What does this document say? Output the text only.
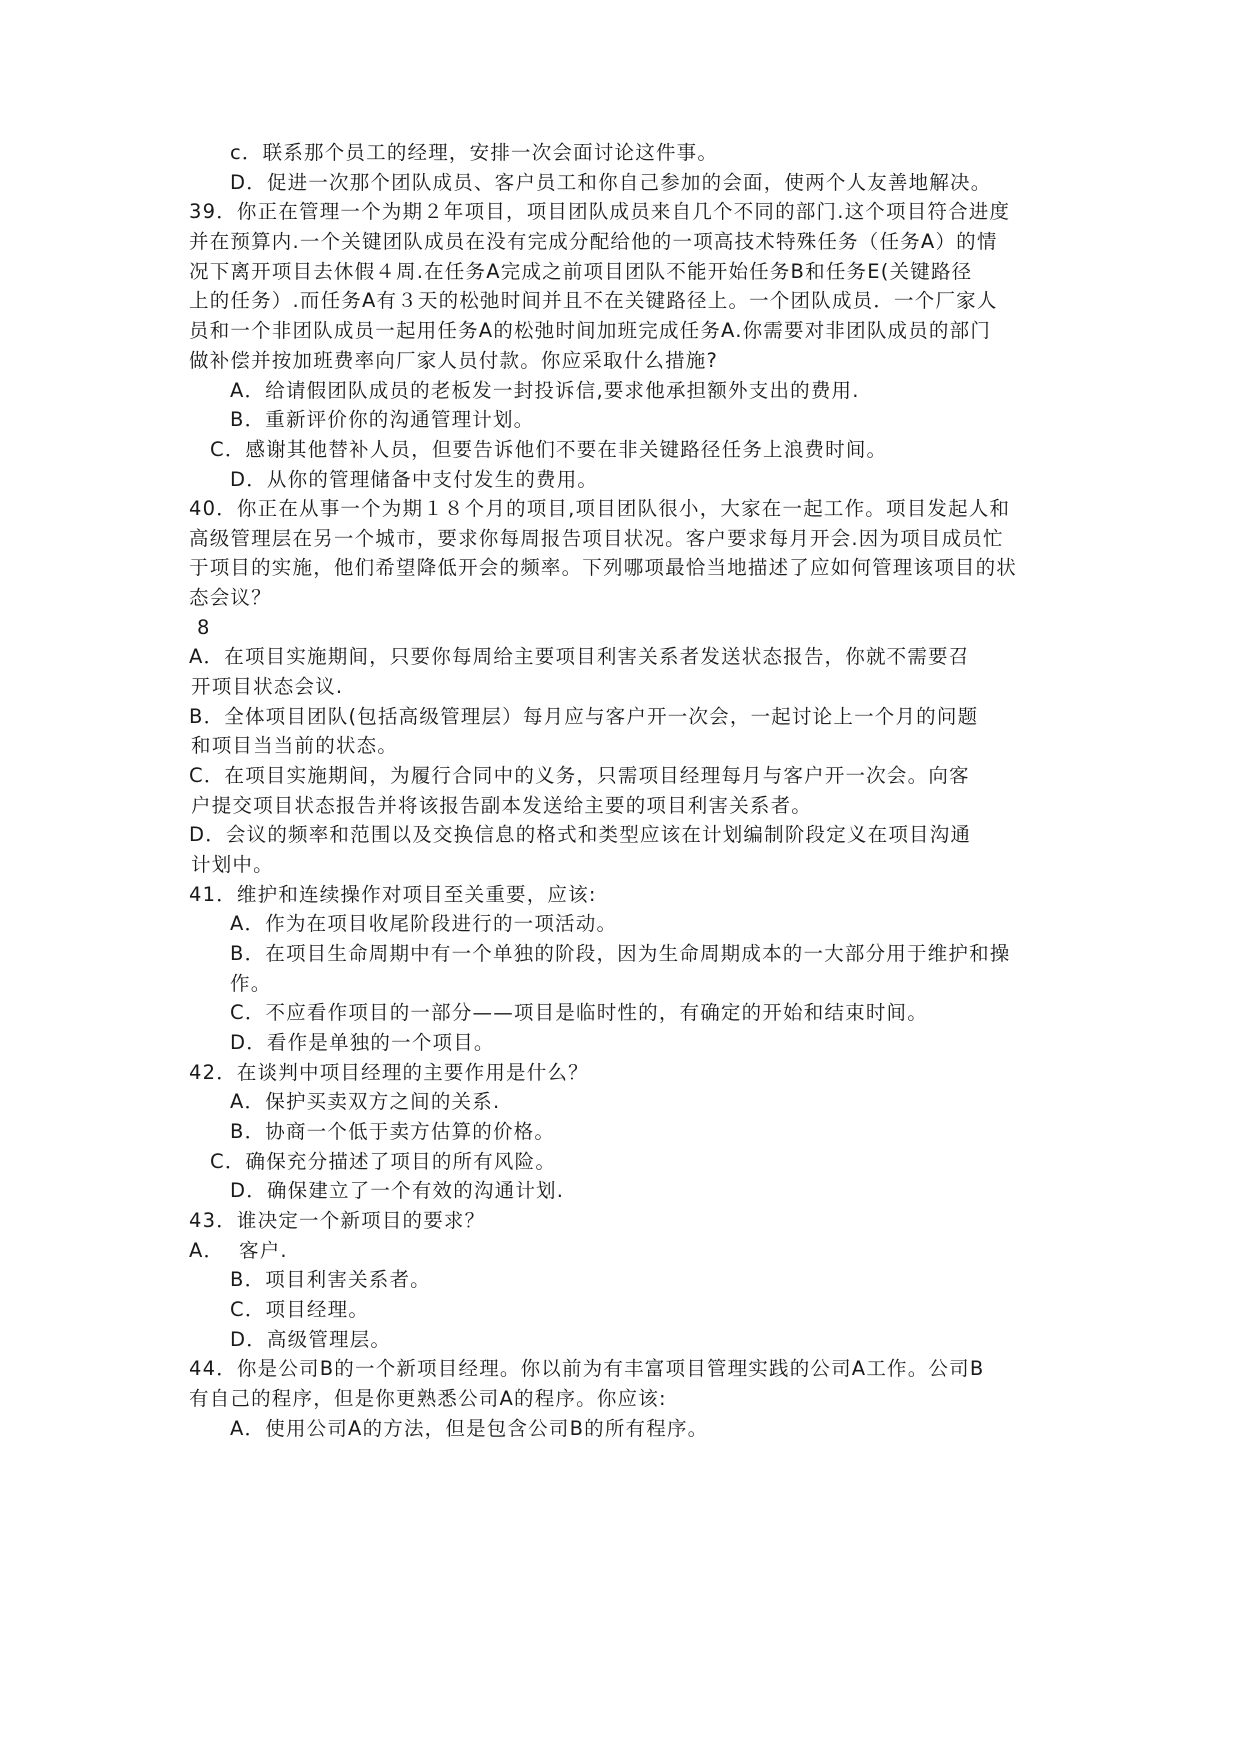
c．联系那个员工的经理，安排一次会面讨论这件事。
D．促进一次那个团队成员、客户员工和你自己参加的会面，使两个人友善地解决。
39．你正在管理一个为期２年项目，项目团队成员来自几个不同的部门.这个项目符合进度
并在预算内.一个关键团队成员在没有完成分配给他的一项高技术特殊任务（任务A）的情
况下离开项目去休假４周.在任务A完成之前项目团队不能开始任务B和任务E(关键路径
上的任务）.而任务A有３天的松弛时间并且不在关键路径上。一个团队成员．一个厂家人
员和一个非团队成员一起用任务A的松弛时间加班完成任务A.你需要对非团队成员的部门
做补偿并按加班费率向厂家人员付款。你应采取什么措施?
A．给请假团队成员的老板发一封投诉信,要求他承担额外支出的费用.
B．重新评价你的沟通管理计划。
C．感谢其他替补人员，但要告诉他们不要在非关键路径任务上浪费时间。
D．从你的管理储备中支付发生的费用。
40．你正在从事一个为期１８个月的项目,项目团队很小，大家在一起工作。项目发起人和
高级管理层在另一个城市，要求你每周报告项目状况。客户要求每月开会.因为项目成员忙
于项目的实施，他们希望降低开会的频率。下列哪项最恰当地描述了应如何管理该项目的状
态会议？
8
A．在项目实施期间，只要你每周给主要项目利害关系者发送状态报告，你就不需要召
开项目状态会议.
B．全体项目团队(包括高级管理层）每月应与客户开一次会，一起讨论上一个月的问题
和项目当当前的状态。
C．在项目实施期间，为履行合同中的义务，只需项目经理每月与客户开一次会。向客
户提交项目状态报告并将该报告副本发送给主要的项目利害关系者。
D．会议的频率和范围以及交换信息的格式和类型应该在计划编制阶段定义在项目沟通
计划中。
41．维护和连续操作对项目至关重要，应该:
A．作为在项目收尾阶段进行的一项活动。
B．在项目生命周期中有一个单独的阶段，因为生命周期成本的一大部分用于维护和操
作。
C．不应看作项目的一部分——项目是临时性的，有确定的开始和结束时间。
D．看作是单独的一个项目。
42．在谈判中项目经理的主要作用是什么？
A．保护买卖双方之间的关系.
B．协商一个低于卖方估算的价格。
C．确保充分描述了项目的所有风险。
D．确保建立了一个有效的沟通计划.
43．谁决定一个新项目的要求？
A．  客户.
B．项目利害关系者。
C．项目经理。
D．高级管理层。
44．你是公司B的一个新项目经理。你以前为有丰富项目管理实践的公司A工作。公司B
有自己的程序，但是你更熟悉公司A的程序。你应该:
A．使用公司A的方法，但是包含公司B的所有程序。
